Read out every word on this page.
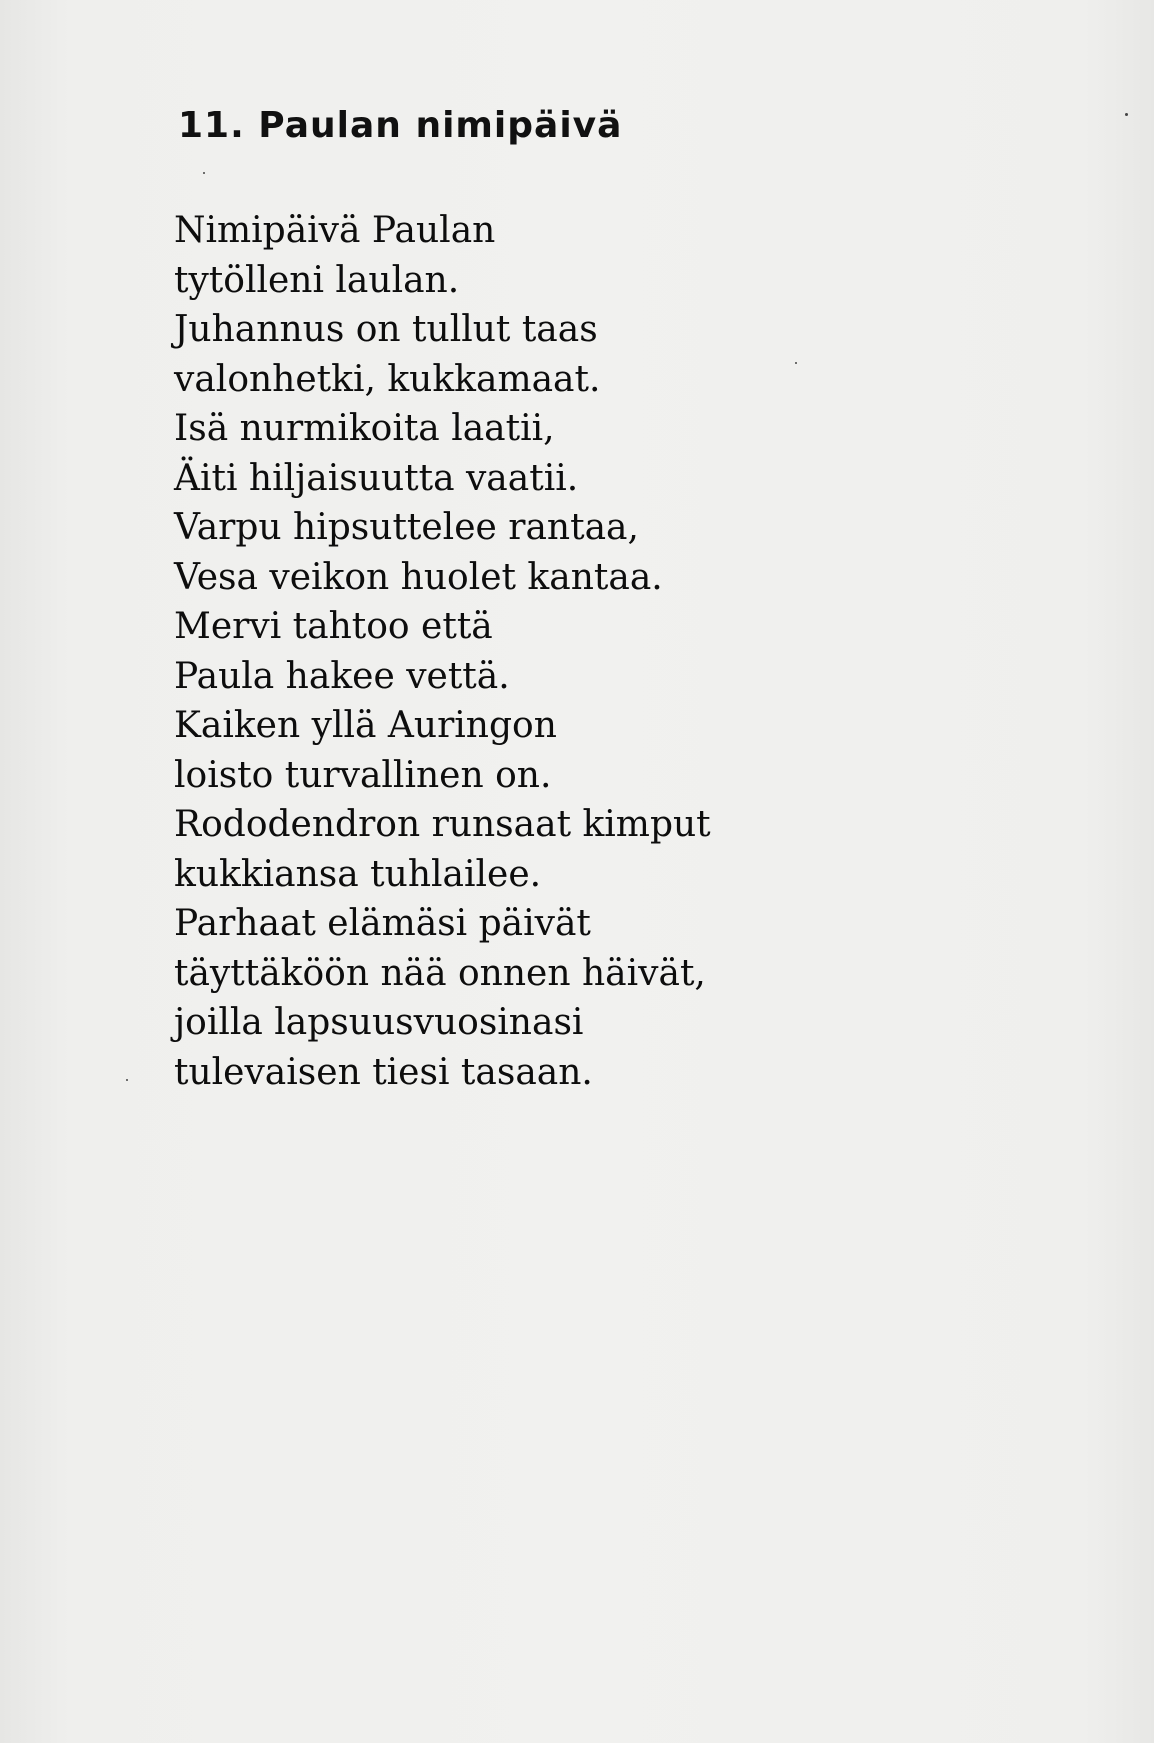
11. Paulan nimipäivä
Nimipäivä Paulan
tytölleni laulan.
Juhannus on tullut taas
valonhetki, kukkamaat.
Isä nurmikoita laatii,
Äiti hiljaisuutta vaatii.
Varpu hipsuttelee rantaa,
Vesa veikon huolet kantaa.
Mervi tahtoo että
Paula hakee vettä.
Kaiken yllä Auringon
loisto turvallinen on.
Rododendron runsaat kimput
kukkiansa tuhlailee.
Parhaat elämäsi päivät
täyttäköön nää onnen häivät,
joilla lapsuusvuosinasi
tulevaisen tiesi tasaan.
